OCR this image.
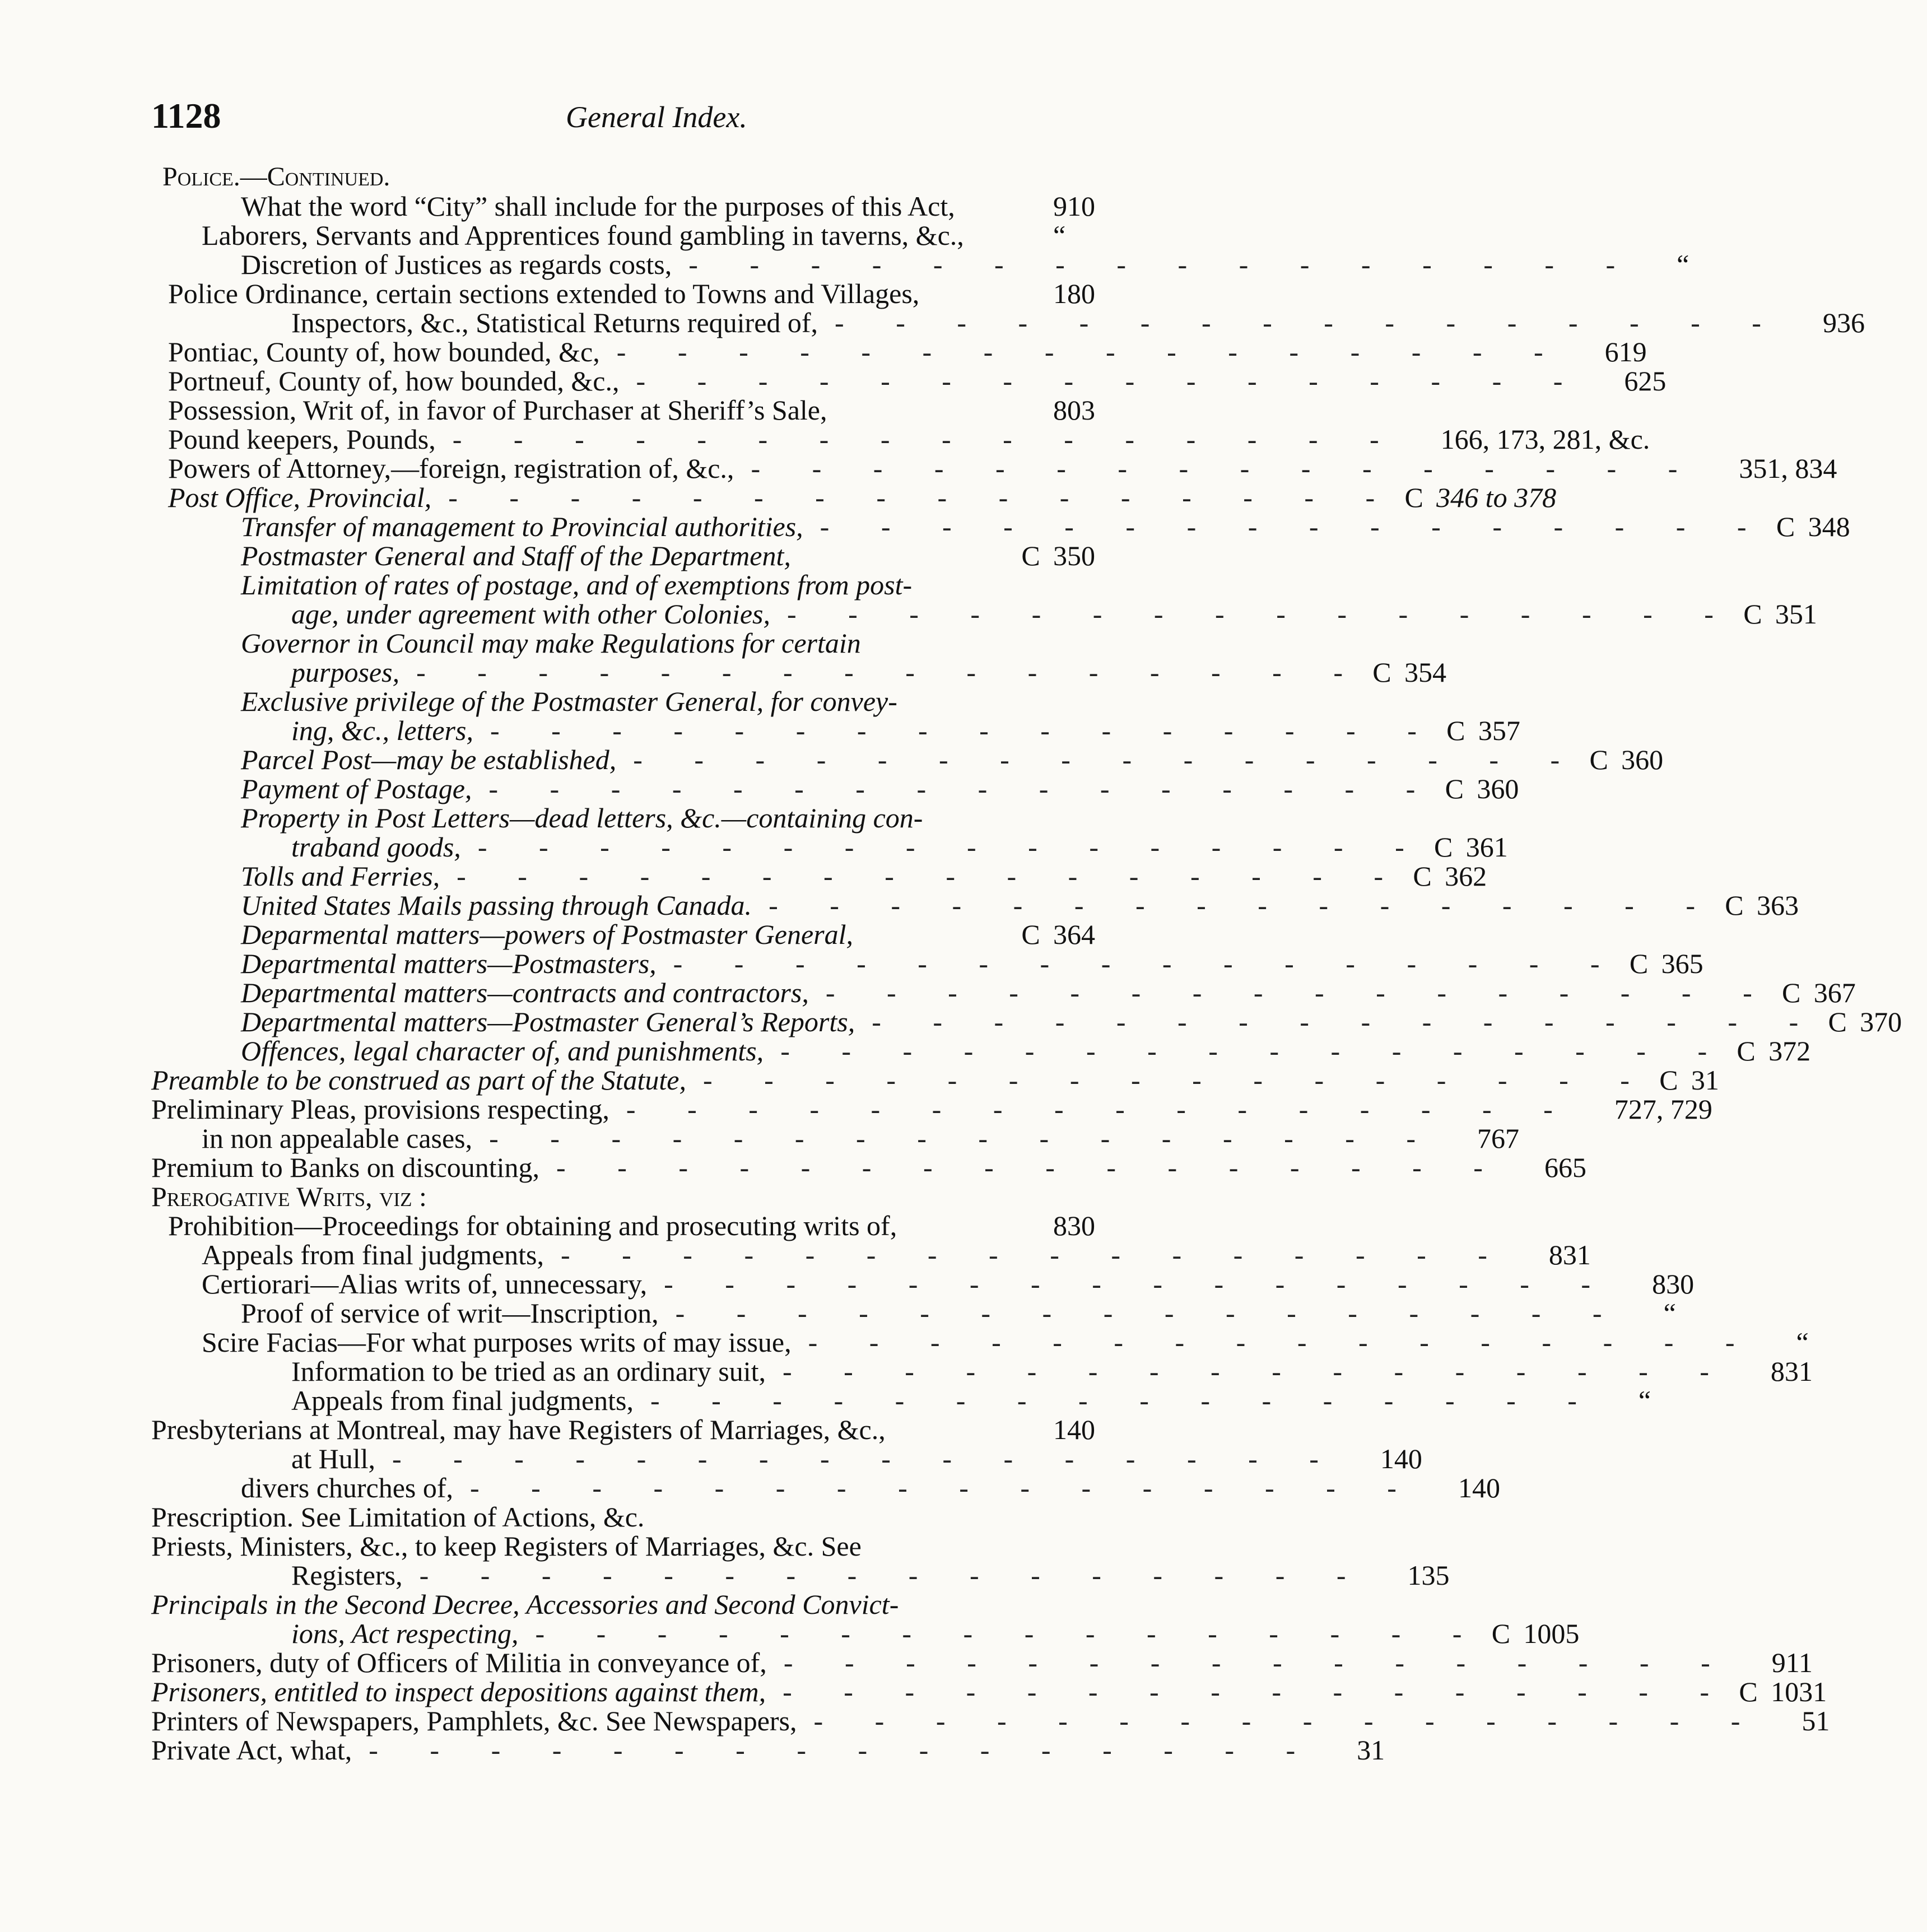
1128	General Index.
Police.—Continued.
What the word “City” shall include for the purposes of this Act,	910
Laborers, Servants and Apprentices found gambling in taverns, &c.,	“
Discretion of Justices as regards costs, - - - - - - - - - - - - - - - - “
Police Ordinance, certain sections extended to Towns and Villages,	180
Inspectors, &c., Statistical Returns required of, - - - - - - - - - - - - - - - - 936
Pontiac, County of, how bounded, &c, - - - - - - - - - - - - - - - - 619
Portneuf, County of, how bounded, &c., - - - - - - - - - - - - - - - - 625
Possession, Writ of, in favor of Purchaser at Sheriff’s Sale,	803
Pound keepers, Pounds, - - - - - - - - - - - - - - - - 166, 173, 281, &c.
Powers of Attorney,—foreign, registration of, &c., - - - - - - - - - - - - - - - - 351, 834
Post Office, Provincial, - - - - - - - - - - - - - - - - C 346 to 378
Transfer of management to Provincial authorities, - - - - - - - - - - - - - - - - C 348
Postmaster General and Staff of the Department,	C 350
Limitation of rates of postage, and of exemptions from post-
age, under agreement with other Colonies, - - - - - - - - - - - - - - - - C 351
Governor in Council may make Regulations for certain
purposes, - - - - - - - - - - - - - - - - C 354
Exclusive privilege of the Postmaster General, for convey-
ing, &c., letters, - - - - - - - - - - - - - - - - C 357
Parcel Post—may be established, - - - - - - - - - - - - - - - - C 360
Payment of Postage, - - - - - - - - - - - - - - - - C 360
Property in Post Letters—dead letters, &c.—containing con-
traband goods, - - - - - - - - - - - - - - - - C 361
Tolls and Ferries, - - - - - - - - - - - - - - - - C 362
United States Mails passing through Canada. - - - - - - - - - - - - - - - - C 363
Deparmental matters—powers of Postmaster General,	C 364
Departmental matters—Postmasters, - - - - - - - - - - - - - - - - C 365
Departmental matters—contracts and contractors, - - - - - - - - - - - - - - - - C 367
Departmental matters—Postmaster General’s Reports, - - - - - - - - - - - - - - - - C 370
Offences, legal character of, and punishments, - - - - - - - - - - - - - - - - C 372
Preamble to be construed as part of the Statute, - - - - - - - - - - - - - - - - C 31
Preliminary Pleas, provisions respecting, - - - - - - - - - - - - - - - - 727, 729
in non appealable cases, - - - - - - - - - - - - - - - - 767
Premium to Banks on discounting, - - - - - - - - - - - - - - - - 665
Prerogative Writs, viz :
Prohibition—Proceedings for obtaining and prosecuting writs of,	830
Appeals from final judgments, - - - - - - - - - - - - - - - - 831
Certiorari—Alias writs of, unnecessary, - - - - - - - - - - - - - - - - 830
Proof of service of writ—Inscription, - - - - - - - - - - - - - - - - “
Scire Facias—For what purposes writs of may issue, - - - - - - - - - - - - - - - - “
Information to be tried as an ordinary suit, - - - - - - - - - - - - - - - - 831
Appeals from final judgments, - - - - - - - - - - - - - - - - “
Presbyterians at Montreal, may have Registers of Marriages, &c.,	140
at Hull, - - - - - - - - - - - - - - - - 140
divers churches of, - - - - - - - - - - - - - - - - 140
Prescription. See Limitation of Actions, &c.
Priests, Ministers, &c., to keep Registers of Marriages, &c. See
Registers, - - - - - - - - - - - - - - - - 135
Principals in the Second Decree, Accessories and Second Convict-
ions, Act respecting, - - - - - - - - - - - - - - - - C 1005
Prisoners, duty of Officers of Militia in conveyance of, - - - - - - - - - - - - - - - - 911
Prisoners, entitled to inspect depositions against them, - - - - - - - - - - - - - - - - C 1031
Printers of Newspapers, Pamphlets, &c. See Newspapers, - - - - - - - - - - - - - - - - 51
Private Act, what, - - - - - - - - - - - - - - - - 31
